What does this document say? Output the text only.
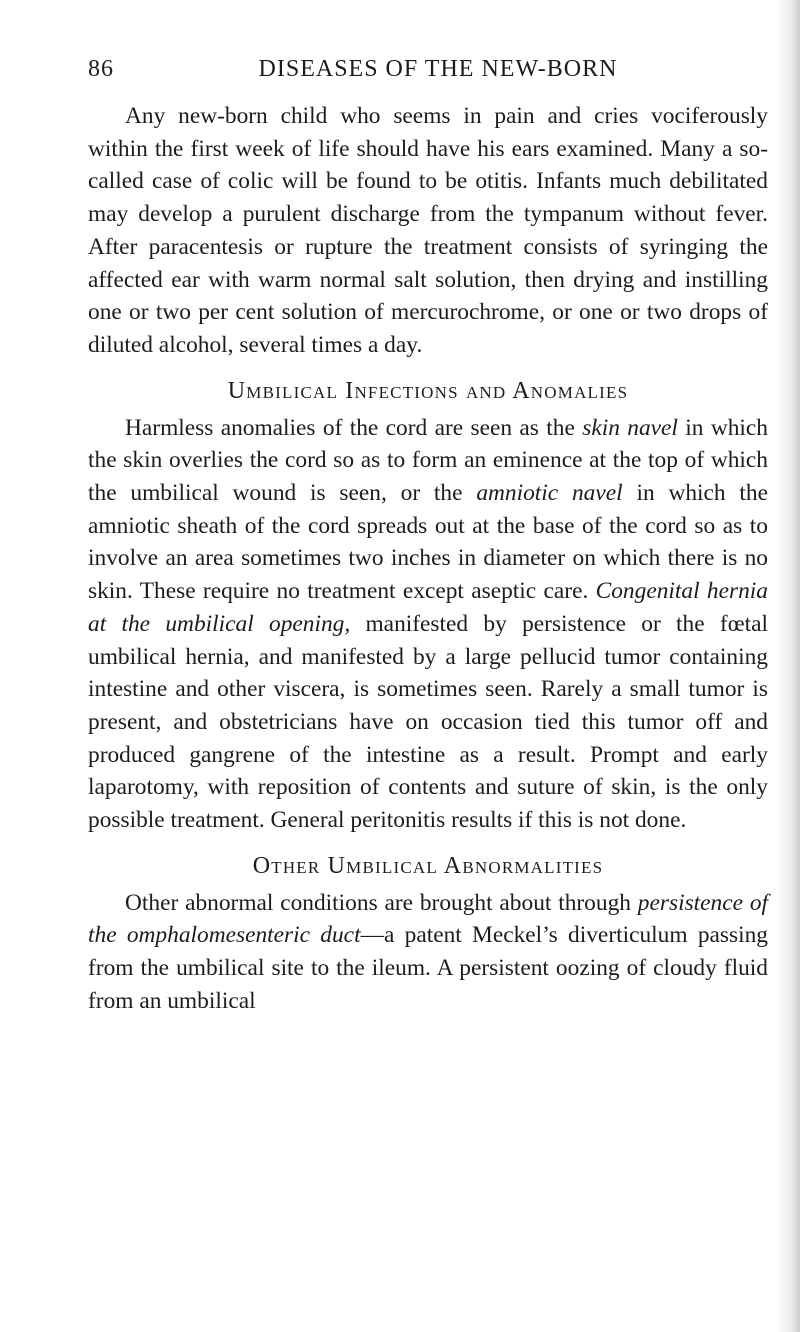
86	DISEASES OF THE NEW-BORN

Any new-born child who seems in pain and cries vociferously within the first week of life should have his ears examined. Many a so-called case of colic will be found to be otitis. Infants much debilitated may develop a purulent discharge from the tympanum without fever. After paracentesis or rupture the treatment consists of syringing the affected ear with warm normal salt solution, then drying and instilling one or two per cent solution of mercurochrome, or one or two drops of diluted alcohol, several times a day.

Umbilical Infections and Anomalies

Harmless anomalies of the cord are seen as the skin navel in which the skin overlies the cord so as to form an eminence at the top of which the umbilical wound is seen, or the amniotic navel in which the amniotic sheath of the cord spreads out at the base of the cord so as to involve an area sometimes two inches in diameter on which there is no skin. These require no treatment except aseptic care. Congenital hernia at the umbilical opening, manifested by persistence or the fœtal umbilical hernia, and manifested by a large pellucid tumor containing intestine and other viscera, is sometimes seen. Rarely a small tumor is present, and obstetricians have on occasion tied this tumor off and produced gangrene of the intestine as a result. Prompt and early laparotomy, with reposition of contents and suture of skin, is the only possible treatment. General peritonitis results if this is not done.

Other Umbilical Abnormalities

Other abnormal conditions are brought about through persistence of the omphalomesenteric duct—a patent Meckel’s diverticulum passing from the umbilical site to the ileum. A persistent oozing of cloudy fluid from an umbilical
